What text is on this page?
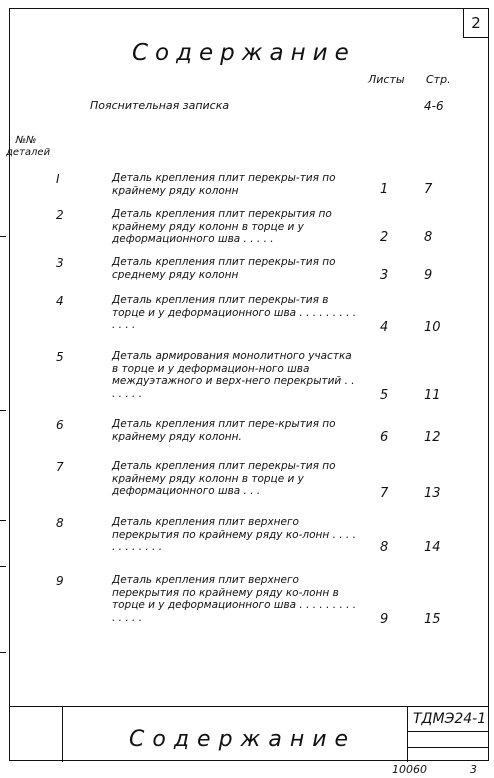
2
Содержание
Листы Стр.
Пояснительная записка	4-6
№№ деталей
I	Деталь крепления плит перекры-тия по крайнему ряду колонн	1	7
2	Деталь крепления плит перекрытия по крайнему ряду колонн в торце и у деформационного шва . . . . .	2	8
3	Деталь крепления плит перекры-тия по среднему ряду колонн	3	9
4	Деталь крепления плит перекры-тия в торце и у деформационного шва . . . . . . . . . . . . .	4	10
5	Деталь армирования монолитного участка в торце и у деформацион-ного шва междуэтажного и верх-него перекрытий . . . . . . .	5	11
6	Деталь крепления плит пере-крытия по крайнему ряду колонн.	6	12
7	Деталь крепления плит перекры-тия по крайнему ряду колонн в торце и у деформационного шва . . .	7	13
8	Деталь крепления плит верхнего перекрытия по крайнему ряду ко-лонн . . . . . . . . . . . .	8	14
9	Деталь крепления плит верхнего перекрытия по крайнему ряду ко-лонн в торце и у деформационного шва . . . . . . . . . . . . . .	9	15
Содержание
ТДМЭ24-1
10060	3
